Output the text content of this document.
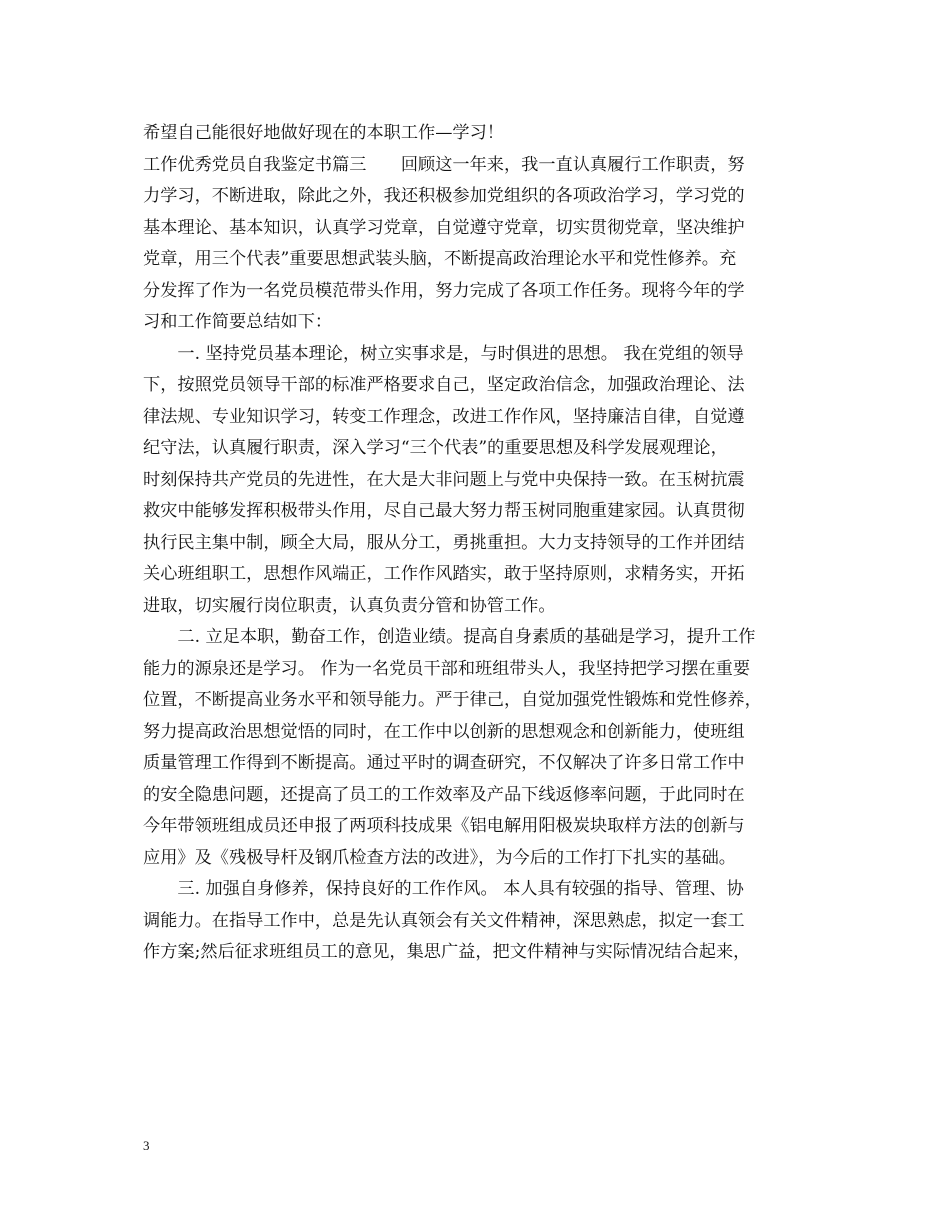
希望自己能很好地做好现在的本职工作—学习！
工作优秀党员自我鉴定书篇三　　回顾这一年来，我一直认真履行工作职责，努
力学习，不断进取，除此之外，我还积极参加党组织的各项政治学习，学习党的
基本理论、基本知识，认真学习党章，自觉遵守党章，切实贯彻党章，坚决维护
党章，用三个代表”重要思想武装头脑，不断提高政治理论水平和党性修养。充
分发挥了作为一名党员模范带头作用，努力完成了各项工作任务。现将今年的学
习和工作简要总结如下：
　　一. 坚持党员基本理论，树立实事求是，与时俱进的思想。 我在党组的领导
下，按照党员领导干部的标准严格要求自己，坚定政治信念，加强政治理论、法
律法规、专业知识学习，转变工作理念，改进工作作风，坚持廉洁自律，自觉遵
纪守法，认真履行职责，深入学习“三个代表”的重要思想及科学发展观理论，
时刻保持共产党员的先进性，在大是大非问题上与党中央保持一致。在玉树抗震
救灾中能够发挥积极带头作用，尽自己最大努力帮玉树同胞重建家园。认真贯彻
执行民主集中制，顾全大局，服从分工，勇挑重担。大力支持领导的工作并团结
关心班组职工，思想作风端正，工作作风踏实，敢于坚持原则，求精务实，开拓
进取，切实履行岗位职责，认真负责分管和协管工作。
　　二. 立足本职，勤奋工作，创造业绩。提高自身素质的基础是学习，提升工作
能力的源泉还是学习。 作为一名党员干部和班组带头人，我坚持把学习摆在重要
位置，不断提高业务水平和领导能力。严于律己，自觉加强党性锻炼和党性修养，
努力提高政治思想觉悟的同时，在工作中以创新的思想观念和创新能力，使班组
质量管理工作得到不断提高。通过平时的调查研究，不仅解决了许多日常工作中
的安全隐患问题，还提高了员工的工作效率及产品下线返修率问题，于此同时在
今年带领班组成员还申报了两项科技成果《铝电解用阳极炭块取样方法的创新与
应用》及《残极导杆及钢爪检查方法的改进》，为今后的工作打下扎实的基础。
　　三. 加强自身修养，保持良好的工作作风。 本人具有较强的指导、管理、协
调能力。在指导工作中，总是先认真领会有关文件精神，深思熟虑，拟定一套工
作方案;然后征求班组员工的意见，集思广益，把文件精神与实际情况结合起来，
3
